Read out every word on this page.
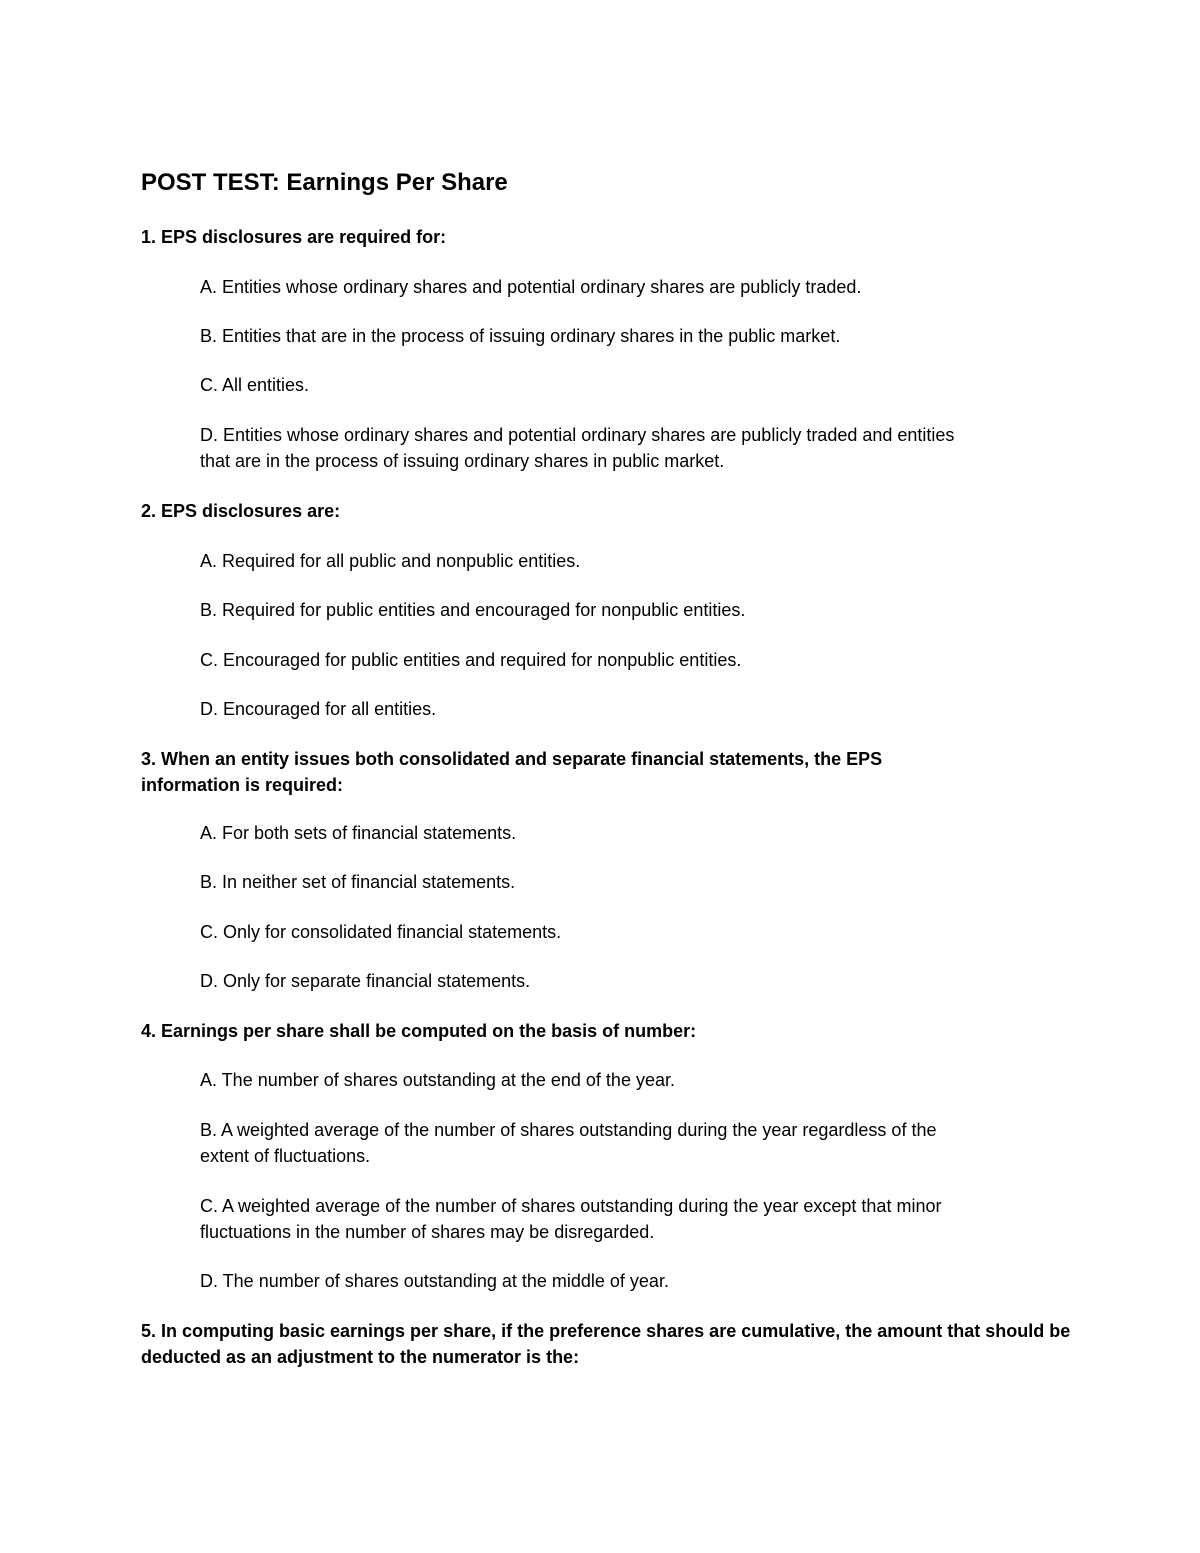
POST TEST: Earnings Per Share
1. EPS disclosures are required for:
A. Entities whose ordinary shares and potential ordinary shares are publicly traded.
B. Entities that are in the process of issuing ordinary shares in the public market.
C. All entities.
D. Entities whose ordinary shares and potential ordinary shares are publicly traded and entities that are in the process of issuing ordinary shares in public market.
2. EPS disclosures are:
A. Required for all public and nonpublic entities.
B. Required for public entities and encouraged for nonpublic entities.
C. Encouraged for public entities and required for nonpublic entities.
D. Encouraged for all entities.
3. When an entity issues both consolidated and separate financial statements, the EPS information is required:
A. For both sets of financial statements.
B. In neither set of financial statements.
C. Only for consolidated financial statements.
D. Only for separate financial statements.
4. Earnings per share shall be computed on the basis of number:
A. The number of shares outstanding at the end of the year.
B. A weighted average of the number of shares outstanding during the year regardless of the extent of fluctuations.
C. A weighted average of the number of shares outstanding during the year except that minor fluctuations in the number of shares may be disregarded.
D. The number of shares outstanding at the middle of year.
5. In computing basic earnings per share, if the preference shares are cumulative, the amount that should be deducted as an adjustment to the numerator is the:
